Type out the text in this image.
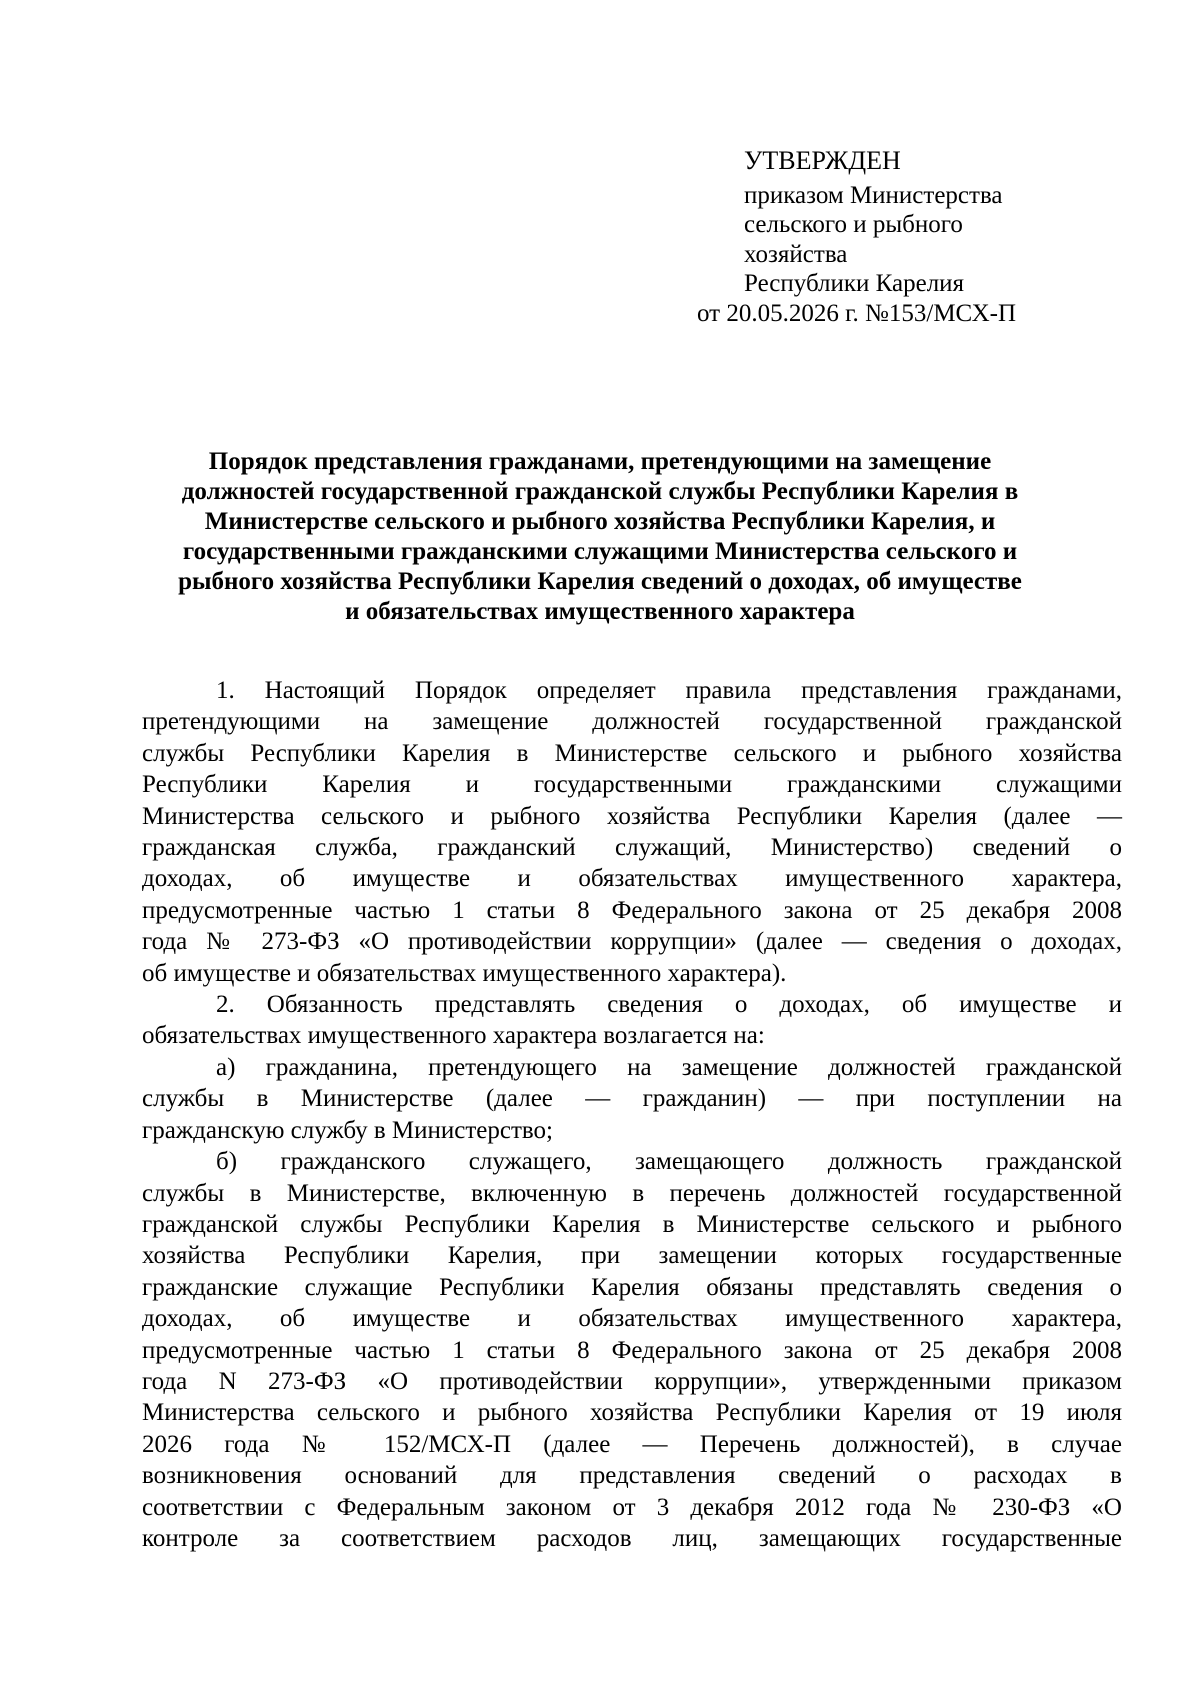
УТВЕРЖДЕН
приказом Министерства
сельского и рыбного
хозяйства
Республики Карелия
от 20.05.2026 г. №153/МСХ-П
Порядок представления гражданами, претендующими на замещение
должностей государственной гражданской службы Республики Карелия в
Министерстве сельского и рыбного хозяйства Республики Карелия, и
государственными гражданскими служащими Министерства сельского и
рыбного хозяйства Республики Карелия сведений о доходах, об имуществе
и обязательствах имущественного характера
1. Настоящий Порядок определяет правила представления гражданами,
претендующими на замещение должностей государственной гражданской
службы Республики Карелия в Министерстве сельского и рыбного хозяйства
Республики Карелия и государственными гражданскими служащими
Министерства сельского и рыбного хозяйства Республики Карелия (далее —
гражданская служба, гражданский служащий, Министерство) сведений о
доходах, об имуществе и обязательствах имущественного характера,
предусмотренные частью 1 статьи 8 Федерального закона от 25 декабря 2008
года № 273-ФЗ «О противодействии коррупции» (далее — сведения о доходах,
об имуществе и обязательствах имущественного характера).
2. Обязанность представлять сведения о доходах, об имуществе и
обязательствах имущественного характера возлагается на:
а) гражданина, претендующего на замещение должностей гражданской
службы в Министерстве (далее — гражданин) — при поступлении на
гражданскую службу в Министерство;
б) гражданского служащего, замещающего должность гражданской
службы в Министерстве, включенную в перечень должностей государственной
гражданской службы Республики Карелия в Министерстве сельского и рыбного
хозяйства Республики Карелия, при замещении которых государственные
гражданские служащие Республики Карелия обязаны представлять сведения о
доходах, об имуществе и обязательствах имущественного характера,
предусмотренные частью 1 статьи 8 Федерального закона от 25 декабря 2008
года N 273-ФЗ «О противодействии коррупции», утвержденными приказом
Министерства сельского и рыбного хозяйства Республики Карелия от 19 июля
2026 года № 152/МСХ-П (далее — Перечень должностей), в случае
возникновения оснований для представления сведений о расходах в
соответствии с Федеральным законом от 3 декабря 2012 года № 230-ФЗ «О
контроле за соответствием расходов лиц, замещающих государственные
